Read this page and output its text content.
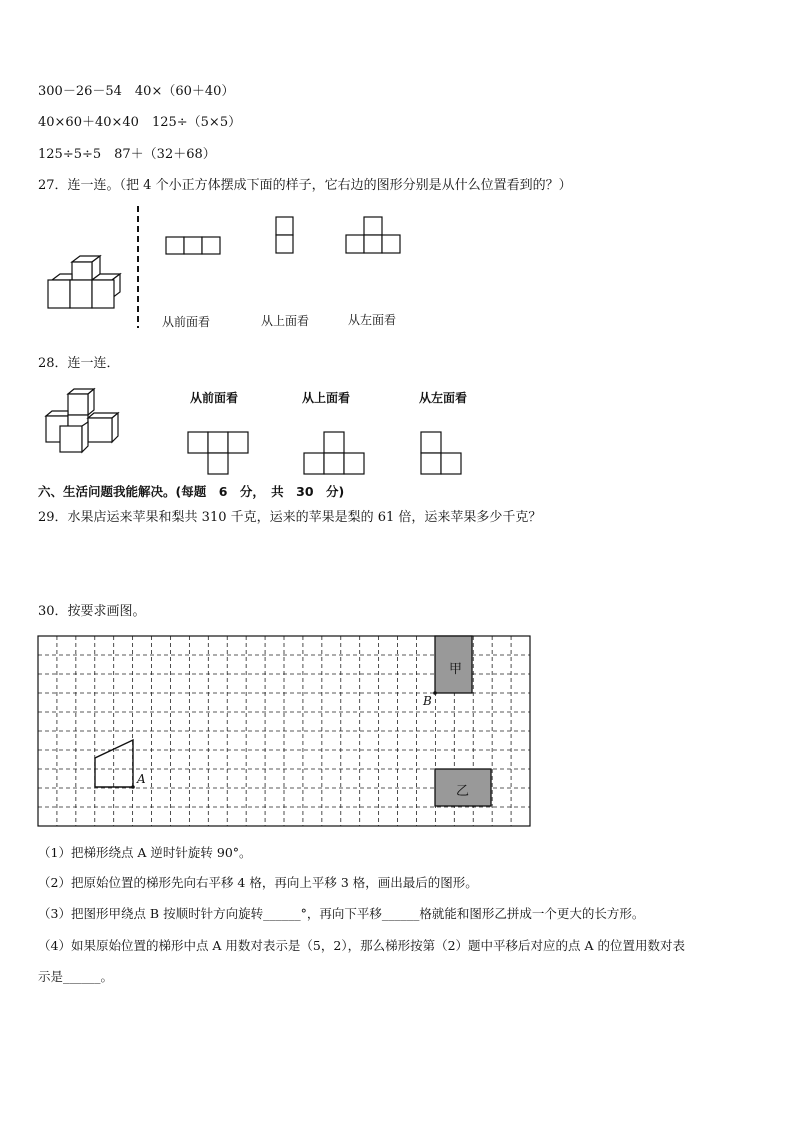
300－26－54　40×（60＋40）
40×60＋40×40　125÷（5×5）
125÷5÷5　87＋（32＋68）
27．连一连。（把 4 个小正方体摆成下面的样子，它右边的图形分别是从什么位置看到的？）
从前面看	从上面看	从左面看
28．连一连．
从前面看	从上面看	从左面看
六、生活问题我能解决。(每题　6　分，　共　30　分)
29．水果店运来苹果和梨共 310 千克，运来的苹果是梨的 61 倍，运来苹果多少千克？
30．按要求画图。
甲
乙
B
A
（1）把梯形绕点 A 逆时针旋转 90°。
（2）把原始位置的梯形先向右平移 4 格，再向上平移 3 格，画出最后的图形。
（3）把图形甲绕点 B 按顺时针方向旋转______°，再向下平移______格就能和图形乙拼成一个更大的长方形。
（4）如果原始位置的梯形中点 A 用数对表示是（5，2），那么梯形按第（2）题中平移后对应的点 A 的位置用数对表
示是______。
